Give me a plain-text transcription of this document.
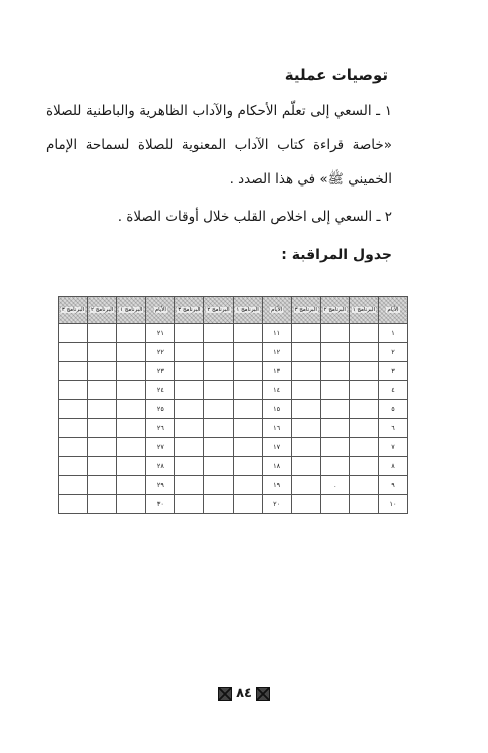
توصيات عملية
١ ـ السعي إلى تعلّم الأحكام والآداب الظاهرية والباطنية للصلاة «خاصة قراءة كتاب الآداب المعنوية للصلاة لسماحة الإمام الخميني ﷺ» في هذا الصدد .
٢ ـ السعي إلى اخلاص القلب خلال أوقات الصلاة .
جدول المراقبة :
الأيام	البرنامج ١	البرنامج ٢	البرنامج ٣	الأيام	البرنامج ١	البرنامج ٢	البرنامج ٣	الأيام	البرنامج ١	البرنامج ٢	البرنامج ٣
١				١١				٢١			
٢				١٢				٢٢			
٣				١٣				٢٣			
٤				١٤				٢٤			
٥				١٥				٢٥			
٦				١٦				٢٦			
٧				١٧				٢٧			
٨				١٨				٢٨			
٩		.		١٩				٢٩			
١٠				٢٠				٣٠			
٨٤
